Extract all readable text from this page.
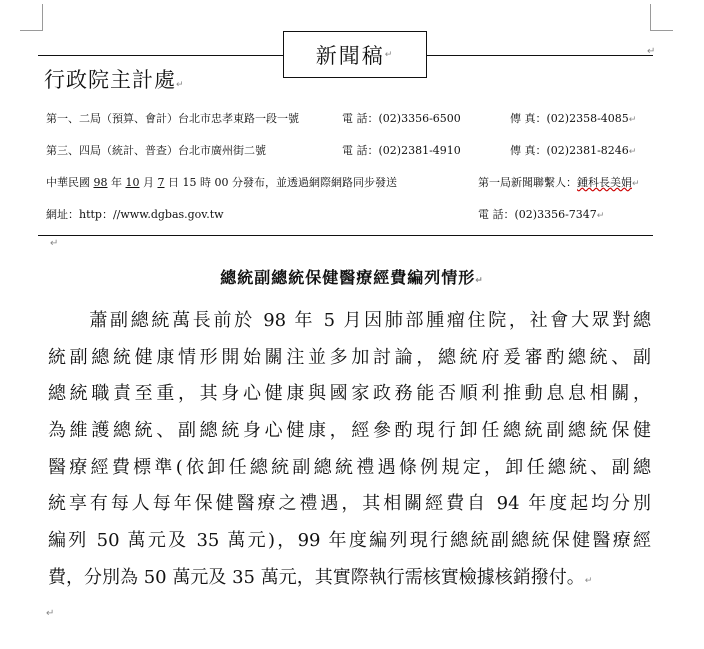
新聞稿 ↵	↵
行政院主計處↵
第一、二局（預算、會計）台北市忠孝東路一段一號	電 話：(02)3356-6500	傳 真：(02)2358-4085↵
第三、四局（統計、普查）台北市廣州街二號	電 話：(02)2381-4910	傳 真：(02)2381-8246↵
中華民國 98 年 10 月 7 日 15 時 00 分發布，並透過網際網路同步發送	第一局新聞聯繫人：鍾科長美娟↵
網址：http：//www.dgbas.gov.tw	電 話：(02)3356-7347↵
↵
總統副總統保健醫療經費編列情形↵
　　蕭副總統萬長前於 98 年 5 月因肺部腫瘤住院，社會大眾對總
統副總統健康情形開始關注並多加討論，總統府爰審酌總統、副
總統職責至重，其身心健康與國家政務能否順利推動息息相關，
為維護總統、副總統身心健康，經參酌現行卸任總統副總統保健
醫療經費標準(依卸任總統副總統禮遇條例規定，卸任總統、副總
統享有每人每年保健醫療之禮遇，其相關經費自 94 年度起均分別
編列 50 萬元及 35 萬元)，99 年度編列現行總統副總統保健醫療經
費，分別為 50 萬元及 35 萬元，其實際執行需核實檢據核銷撥付。↵
↵
